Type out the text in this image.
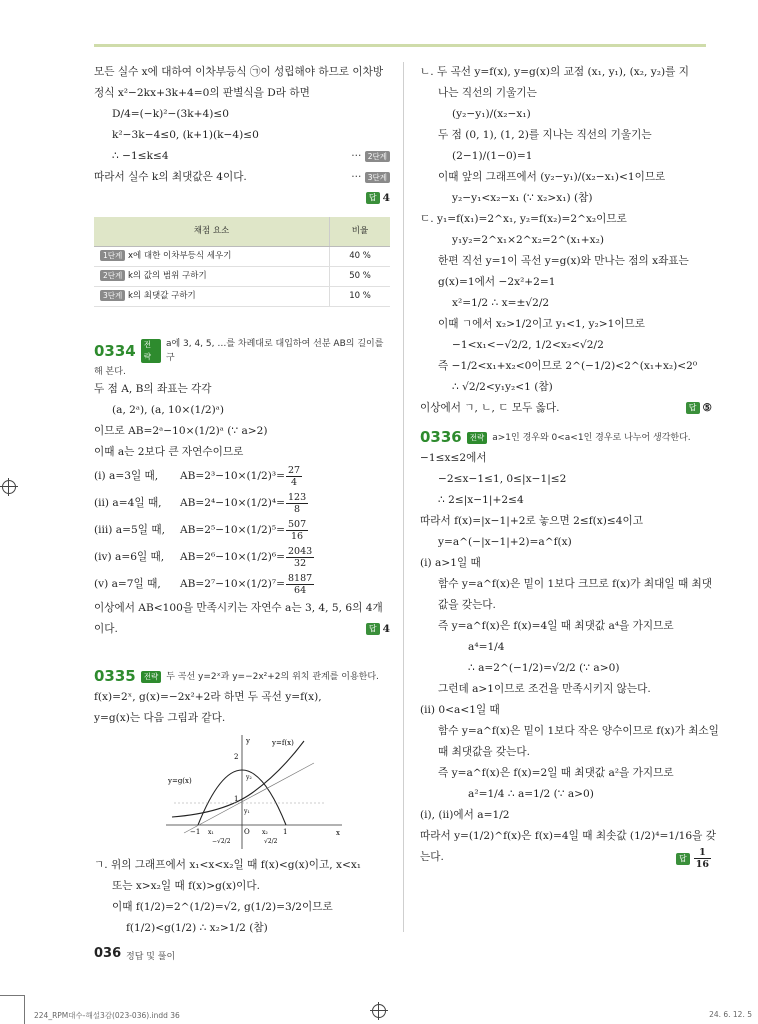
모든 실수 x에 대하여 이차부등식 ㉠이 성립해야 하므로 이차방
정식 x²−2kx+3k+4=0의 판별식을 D라 하면
D/4=(−k)²−(3k+4)≤0
k²−3k−4≤0, (k+1)(k−4)≤0
∴ −1≤k≤4	··· 2단계
따라서 실수 k의 최댓값은 4이다.	··· 3단계
답 4
채점 요소	비율
1단계 x에 대한 이차부등식 세우기	40 %
2단계 k의 값의 범위 구하기	50 %
3단계 k의 최댓값 구하기	10 %
0334	전략
a에 3, 4, 5, …를 차례대로 대입하여 선분 AB의 길이를 구
해 본다.
두 점 A, B의 좌표는 각각
(a, 2ᵃ), (a, 10×(1/2)ᵃ)
이므로 AB=2ᵃ−10×(1/2)ᵃ (∵ a>2)
이때 a는 2보다 큰 자연수이므로
(ⅰ) a=3일 때, $AB=2^3-10\times(1/2)^3= \frac{27}{4}$
(ⅱ) a=4일 때, $AB=2^4-10\times(1/2)^4= \frac{123}{8}$
(ⅲ) a=5일 때, $AB=2^5-10\times(1/2)^5= \frac{507}{16}$
(ⅳ) a=6일 때, $AB=2^6-10\times(1/2)^6= \frac{2043}{32}$
(ⅴ) a=7일 때, $AB=2^7-10\times(1/2)^7= \frac{8187}{64}$
이상에서 AB<100을 만족시키는 자연수 a는 3, 4, 5, 6의 4개
이다.	답 4
0335	전략 두 곡선 y=2ˣ과 y=−2x²+2의 위치 관계를 이용한다.
f(x)=2ˣ, g(x)=−2x²+2라 하면 두 곡선 y=f(x),
y=g(x)는 다음 그림과 같다.
y
x
2
1
O
−1	1
x₁	x₂
y₁
y₂
−√2/2	√2/2
y=f(x)
y=g(x)
ㄱ. 위의 그래프에서 x₁<x<x₂일 때 f(x)<g(x)이고, x<x₁
또는 x>x₂일 때 f(x)>g(x)이다.
이때 f(1/2)=2^(1/2)=√2, g(1/2)=3/2이므로
f(1/2)<g(1/2) ∴ x₂>1/2 (참)
ㄴ. 두 곡선 y=f(x), y=g(x)의 교점 (x₁, y₁), (x₂, y₂)를 지
나는 직선의 기울기는
(y₂−y₁)/(x₂−x₁)
두 점 (0, 1), (1, 2)를 지나는 직선의 기울기는
(2−1)/(1−0)=1
이때 앞의 그래프에서 (y₂−y₁)/(x₂−x₁)<1이므로
y₂−y₁<x₂−x₁ (∵ x₂>x₁) (참)
ㄷ. y₁=f(x₁)=2^x₁, y₂=f(x₂)=2^x₂이므로
y₁y₂=2^x₁×2^x₂=2^(x₁+x₂)
한편 직선 y=1이 곡선 y=g(x)와 만나는 점의 x좌표는
g(x)=1에서 −2x²+2=1
x²=1/2 ∴ x=±√2/2
이때 ㄱ에서 x₂>1/2이고 y₁<1, y₂>1이므로
−1<x₁<−√2/2, 1/2<x₂<√2/2
즉 −1/2<x₁+x₂<0이므로 2^(−1/2)<2^(x₁+x₂)<2⁰
∴ √2/2<y₁y₂<1 (참)
이상에서 ㄱ, ㄴ, ㄷ 모두 옳다.	답 ⑤
0336	전략 a>1인 경우와 0<a<1인 경우로 나누어 생각한다.
−1≤x≤2에서
−2≤x−1≤1, 0≤|x−1|≤2
∴ 2≤|x−1|+2≤4
따라서 f(x)=|x−1|+2로 놓으면 2≤f(x)≤4이고
y=a^(−|x−1|+2)=a^f(x)
(ⅰ) a>1일 때
함수 y=a^f(x)은 밑이 1보다 크므로 f(x)가 최대일 때 최댓
값을 갖는다.
즉 y=a^f(x)은 f(x)=4일 때 최댓값 a⁴을 가지므로
a⁴=1/4
∴ a=2^(−1/2)=√2/2 (∵ a>0)
그런데 a>1이므로 조건을 만족시키지 않는다.
(ⅱ) 0<a<1일 때
함수 y=a^f(x)은 밑이 1보다 작은 양수이므로 f(x)가 최소일
때 최댓값을 갖는다.
즉 y=a^f(x)은 f(x)=2일 때 최댓값 a²을 가지므로
a²=1/4 ∴ a=1/2 (∵ a>0)
(ⅰ), (ⅱ)에서 a=1/2
따라서 y=(1/2)^f(x)은 f(x)=4일 때 최솟값 (1/2)⁴=1/16을 갖
는다.	답 $\frac{1}{16}$
036 정답 및 풀이
224_RPM대수-해설3감(023-036).indd 36	24. 6. 12. 5
